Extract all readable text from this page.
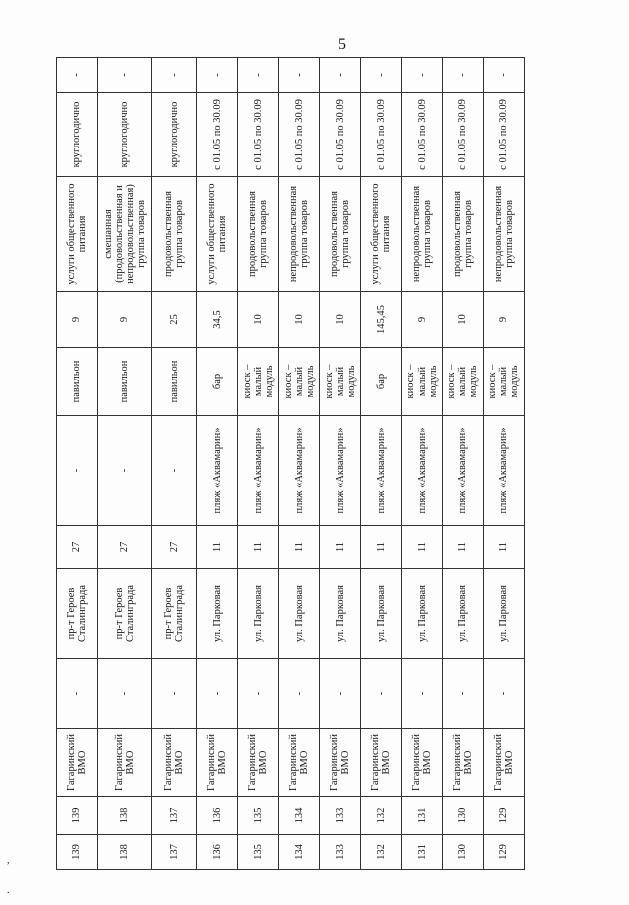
5
,
.
139	139	Гагаринский ВМО	-	пр-т Героев Сталинграда	27	-	павильон	9	услуги общественного питания	круглогодично	-
138	138	Гагаринский ВМО	-	пр-т Героев Сталинграда	27	-	павильон	9	смешанная (продовольственная и непродовольственная) группа товаров	круглогодично	-
137	137	Гагаринский ВМО	-	пр-т Героев Сталинграда	27	-	павильон	25	продовольственная группа товаров	круглогодично	-
136	136	Гагаринский ВМО	-	ул. Парковая	11	пляж «Аквамарин»	бар	34,5	услуги общественного питания	с 01.05 по 30.09	-
135	135	Гагаринский ВМО	-	ул. Парковая	11	пляж «Аквамарин»	киоск – малый модуль	10	продовольственная группа товаров	с 01.05 по 30.09	-
134	134	Гагаринский ВМО	-	ул. Парковая	11	пляж «Аквамарин»	киоск – малый модуль	10	непродовольственная группа товаров	с 01.05 по 30.09	-
133	133	Гагаринский ВМО	-	ул. Парковая	11	пляж «Аквамарин»	киоск – малый модуль	10	продовольственная группа товаров	с 01.05 по 30.09	-
132	132	Гагаринский ВМО	-	ул. Парковая	11	пляж «Аквамарин»	бар	145,45	услуги общественного питания	с 01.05 по 30.09	-
131	131	Гагаринский ВМО	-	ул. Парковая	11	пляж «Аквамарин»	киоск – малый модуль	9	непродовольственная группа товаров	с 01.05 по 30.09	-
130	130	Гагаринский ВМО	-	ул. Парковая	11	пляж «Аквамарин»	киоск – малый модуль	10	продовольственная группа товаров	с 01.05 по 30.09	-
129	129	Гагаринский ВМО	-	ул. Парковая	11	пляж «Аквамарин»	киоск – малый модуль	9	непродовольственная группа товаров	с 01.05 по 30.09	-
